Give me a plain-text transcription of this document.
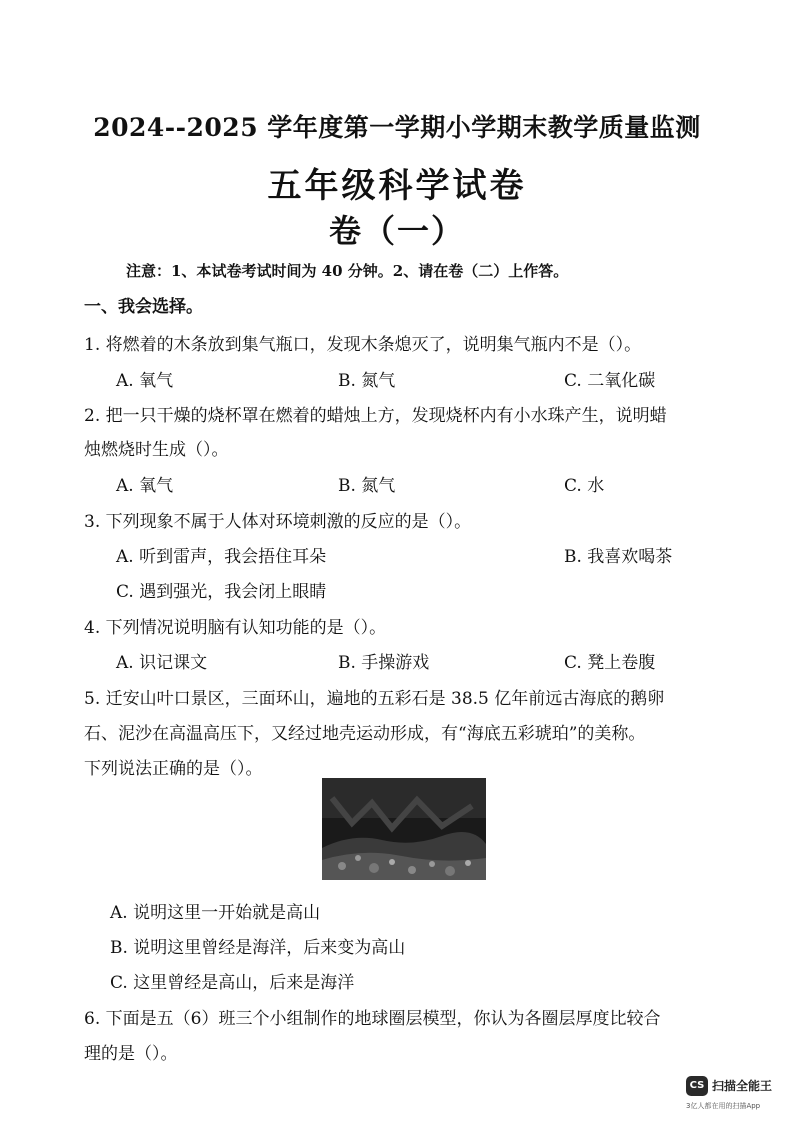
2024--2025 学年度第一学期小学期末教学质量监测
五年级科学试卷
卷（一）
注意：1、本试卷考试时间为 40 分钟。2、请在卷（二）上作答。
一、我会选择。
1. 将燃着的木条放到集气瓶口，发现木条熄灭了，说明集气瓶内不是（）。
A. 氧气	B. 氮气	C. 二氧化碳
2. 把一只干燥的烧杯罩在燃着的蜡烛上方，发现烧杯内有小水珠产生，说明蜡
烛燃烧时生成（）。
A. 氧气	B. 氮气	C. 水
3. 下列现象不属于人体对环境刺激的反应的是（）。
A. 听到雷声，我会捂住耳朵	B. 我喜欢喝茶
C. 遇到强光，我会闭上眼睛
4. 下列情况说明脑有认知功能的是（）。
A. 识记课文	B. 手操游戏	C. 凳上卷腹
5. 迁安山叶口景区，三面环山，遍地的五彩石是 38.5 亿年前远古海底的鹅卵
石、泥沙在高温高压下，又经过地壳运动形成，有“海底五彩琥珀”的美称。
下列说法正确的是（）。
A. 说明这里一开始就是高山
B. 说明这里曾经是海洋，后来变为高山
C. 这里曾经是高山，后来是海洋
6. 下面是五（6）班三个小组制作的地球圈层模型，你认为各圈层厚度比较合
理的是（）。
CS 扫描全能王
3亿人都在用的扫描App
